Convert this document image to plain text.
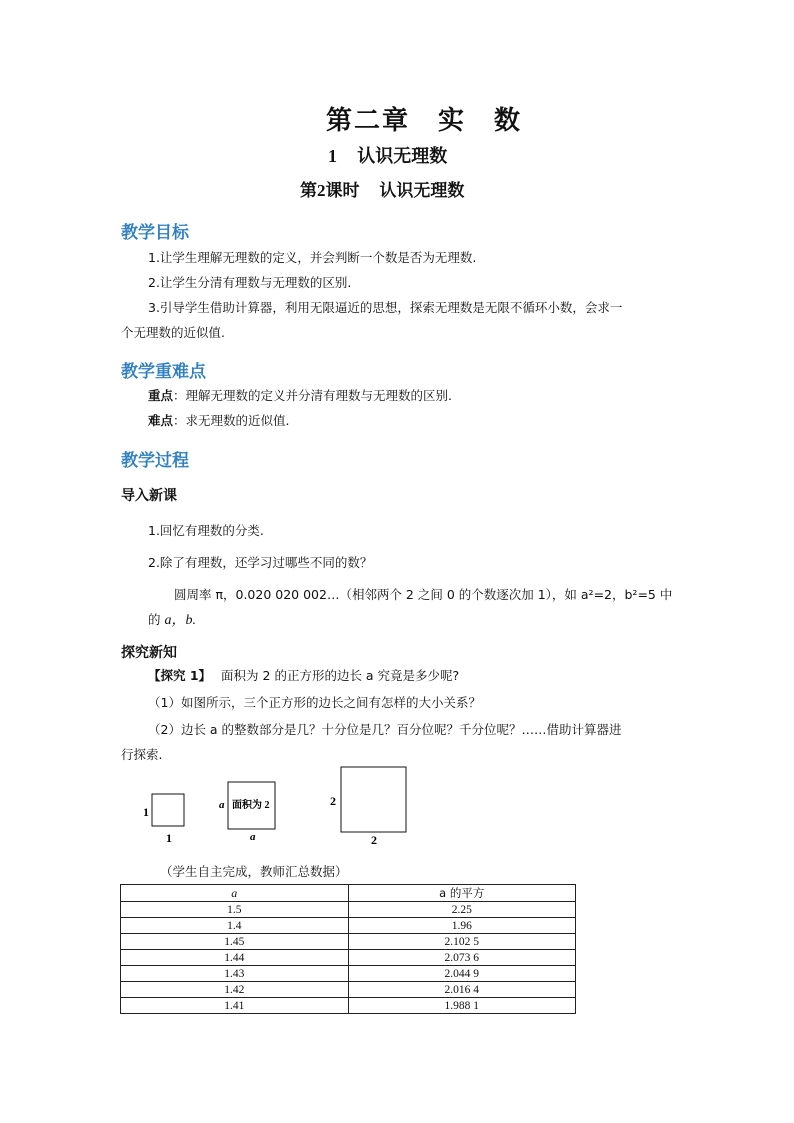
第二章　实　数
1 认识无理数
第2课时 认识无理数
教学目标
1.让学生理解无理数的定义，并会判断一个数是否为无理数.
2.让学生分清有理数与无理数的区别.
3.引导学生借助计算器，利用无限逼近的思想，探索无理数是无限不循环小数，会求一
个无理数的近似值.
教学重难点
重点：理解无理数的定义并分清有理数与无理数的区别.
难点：求无理数的近似值.
教学过程
导入新课
1.回忆有理数的分类.
2.除了有理数，还学习过哪些不同的数？
圆周率 π，0.020 020 002…（相邻两个 2 之间 0 的个数逐次加 1），如 a²=2，b²=5 中
的 a，b.
探究新知
【探究 1】 面积为 2 的正方形的边长 a 究竟是多少呢?
（1）如图所示，三个正方形的边长之间有怎样的大小关系？
（2）边长 a 的整数部分是几？十分位是几？百分位呢？千分位呢？……借助计算器进
行探索.
1
1
a 面积为 2
a
2
2
（学生自主完成，教师汇总数据）
a	a 的平方
1.5	2.25
1.4	1.96
1.45	2.102 5
1.44	2.073 6
1.43	2.044 9
1.42	2.016 4
1.41	1.988 1
